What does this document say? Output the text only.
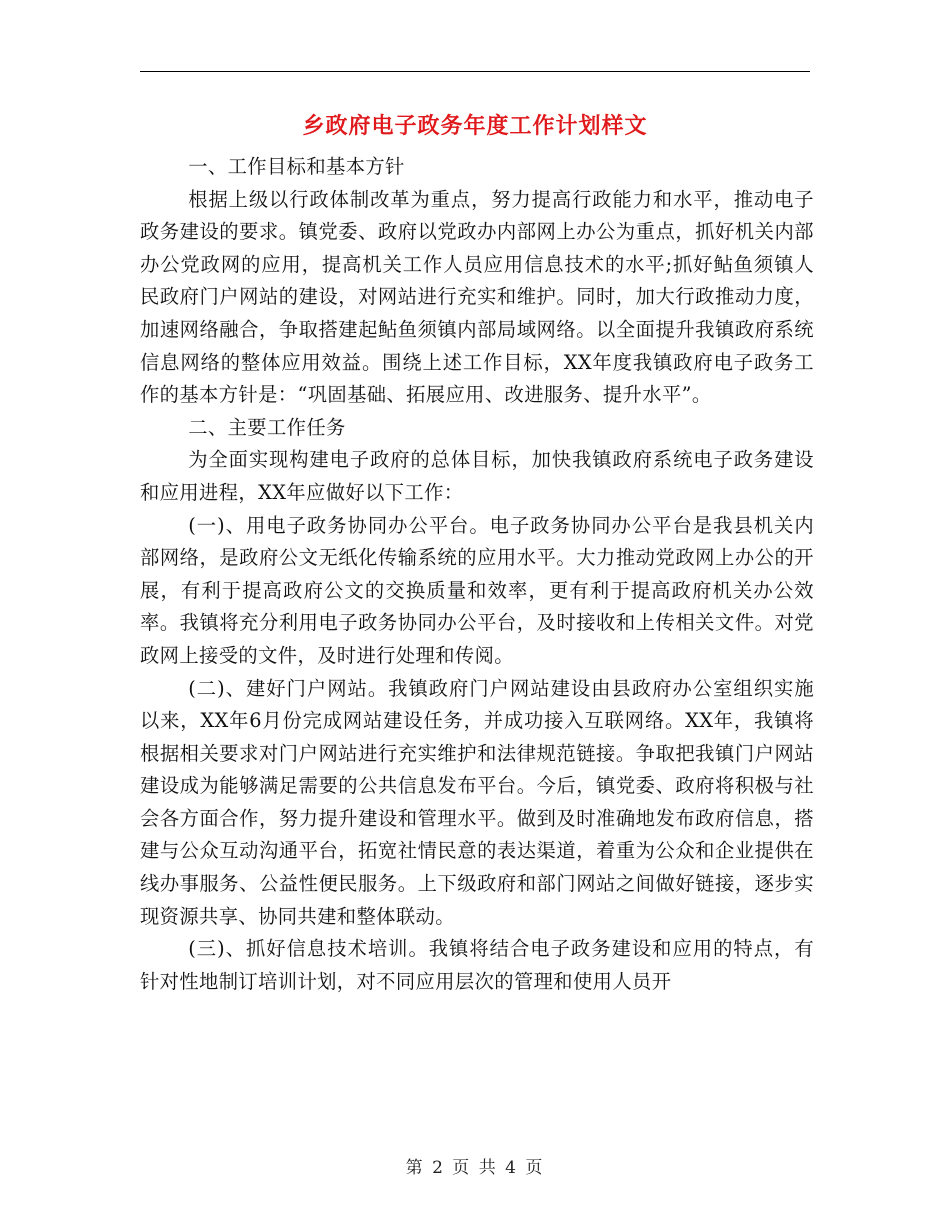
乡政府电子政务年度工作计划样文

一、工作目标和基本方针

根据上级以行政体制改革为重点，努力提高行政能力和水平，推动电子政务建设的要求。镇党委、政府以党政办内部网上办公为重点，抓好机关内部办公党政网的应用，提高机关工作人员应用信息技术的水平;抓好鲇鱼须镇人民政府门户网站的建设，对网站进行充实和维护。同时，加大行政推动力度，加速网络融合，争取搭建起鲇鱼须镇内部局域网络。以全面提升我镇政府系统信息网络的整体应用效益。围绕上述工作目标，XX年度我镇政府电子政务工作的基本方针是：“巩固基础、拓展应用、改进服务、提升水平”。

二、主要工作任务

为全面实现构建电子政府的总体目标，加快我镇政府系统电子政务建设和应用进程，XX年应做好以下工作：

(一)、用电子政务协同办公平台。电子政务协同办公平台是我县机关内部网络，是政府公文无纸化传输系统的应用水平。大力推动党政网上办公的开展，有利于提高政府公文的交换质量和效率，更有利于提高政府机关办公效率。我镇将充分利用电子政务协同办公平台，及时接收和上传相关文件。对党政网上接受的文件，及时进行处理和传阅。

(二)、建好门户网站。我镇政府门户网站建设由县政府办公室组织实施以来，XX年6月份完成网站建设任务，并成功接入互联网络。XX年，我镇将根据相关要求对门户网站进行充实维护和法律规范链接。争取把我镇门户网站建设成为能够满足需要的公共信息发布平台。今后，镇党委、政府将积极与社会各方面合作，努力提升建设和管理水平。做到及时准确地发布政府信息，搭建与公众互动沟通平台，拓宽社情民意的表达渠道，着重为公众和企业提供在线办事服务、公益性便民服务。上下级政府和部门网站之间做好链接，逐步实现资源共享、协同共建和整体联动。

(三)、抓好信息技术培训。我镇将结合电子政务建设和应用的特点，有针对性地制订培训计划，对不同应用层次的管理和使用人员开

第 2 页 共 4 页
